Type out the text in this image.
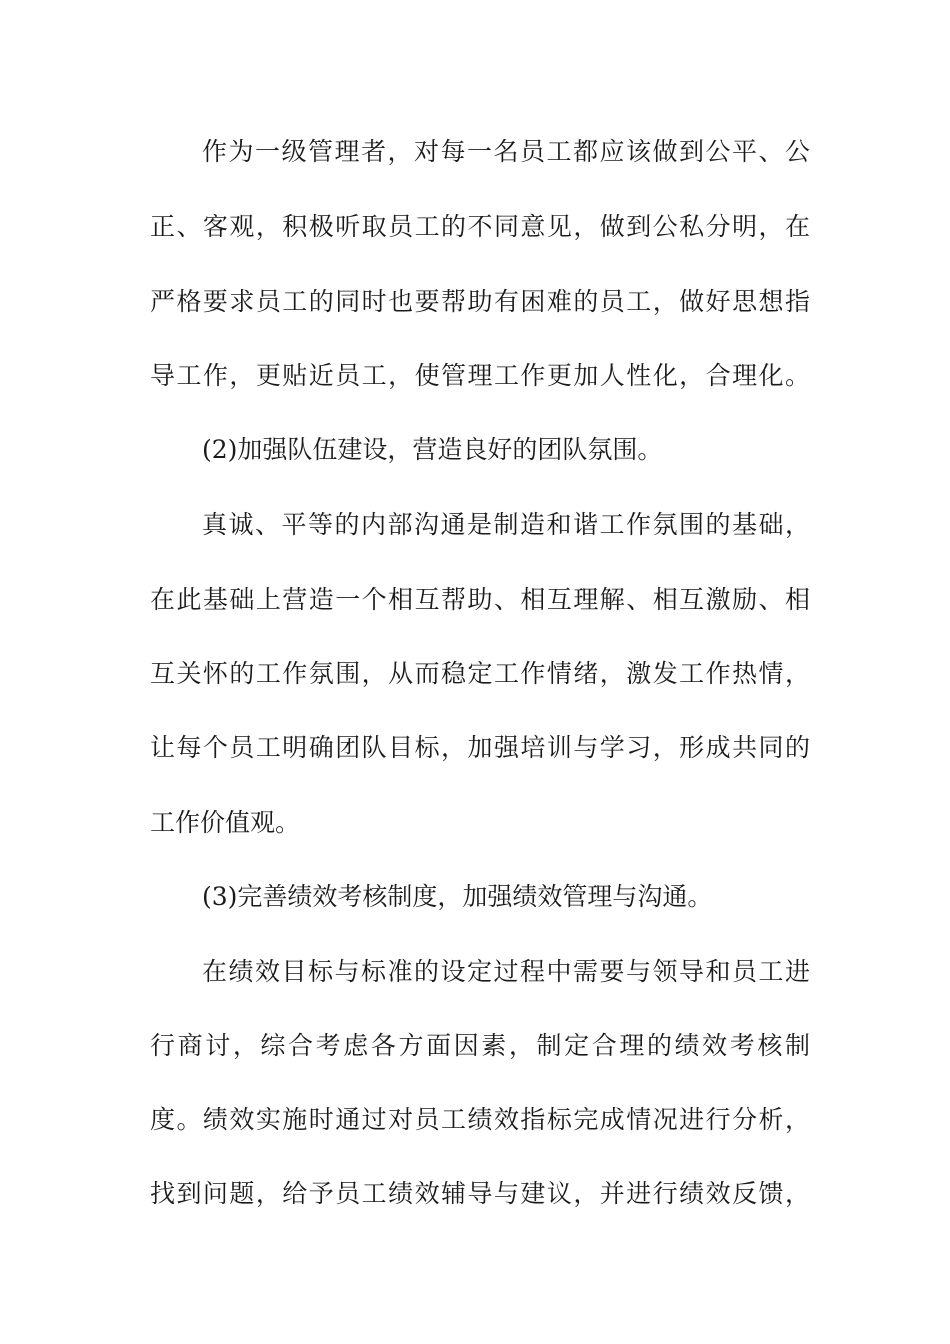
作为一级管理者，对每一名员工都应该做到公平、公
正、客观，积极听取员工的不同意见，做到公私分明，在
严格要求员工的同时也要帮助有困难的员工，做好思想指
导工作，更贴近员工，使管理工作更加人性化，合理化。
(2)加强队伍建设，营造良好的团队氛围。
真诚、平等的内部沟通是制造和谐工作氛围的基础，
在此基础上营造一个相互帮助、相互理解、相互激励、相
互关怀的工作氛围，从而稳定工作情绪，激发工作热情，
让每个员工明确团队目标，加强培训与学习，形成共同的
工作价值观。
(3)完善绩效考核制度，加强绩效管理与沟通。
在绩效目标与标准的设定过程中需要与领导和员工进
行商讨，综合考虑各方面因素，制定合理的绩效考核制
度。绩效实施时通过对员工绩效指标完成情况进行分析，
找到问题，给予员工绩效辅导与建议，并进行绩效反馈，
